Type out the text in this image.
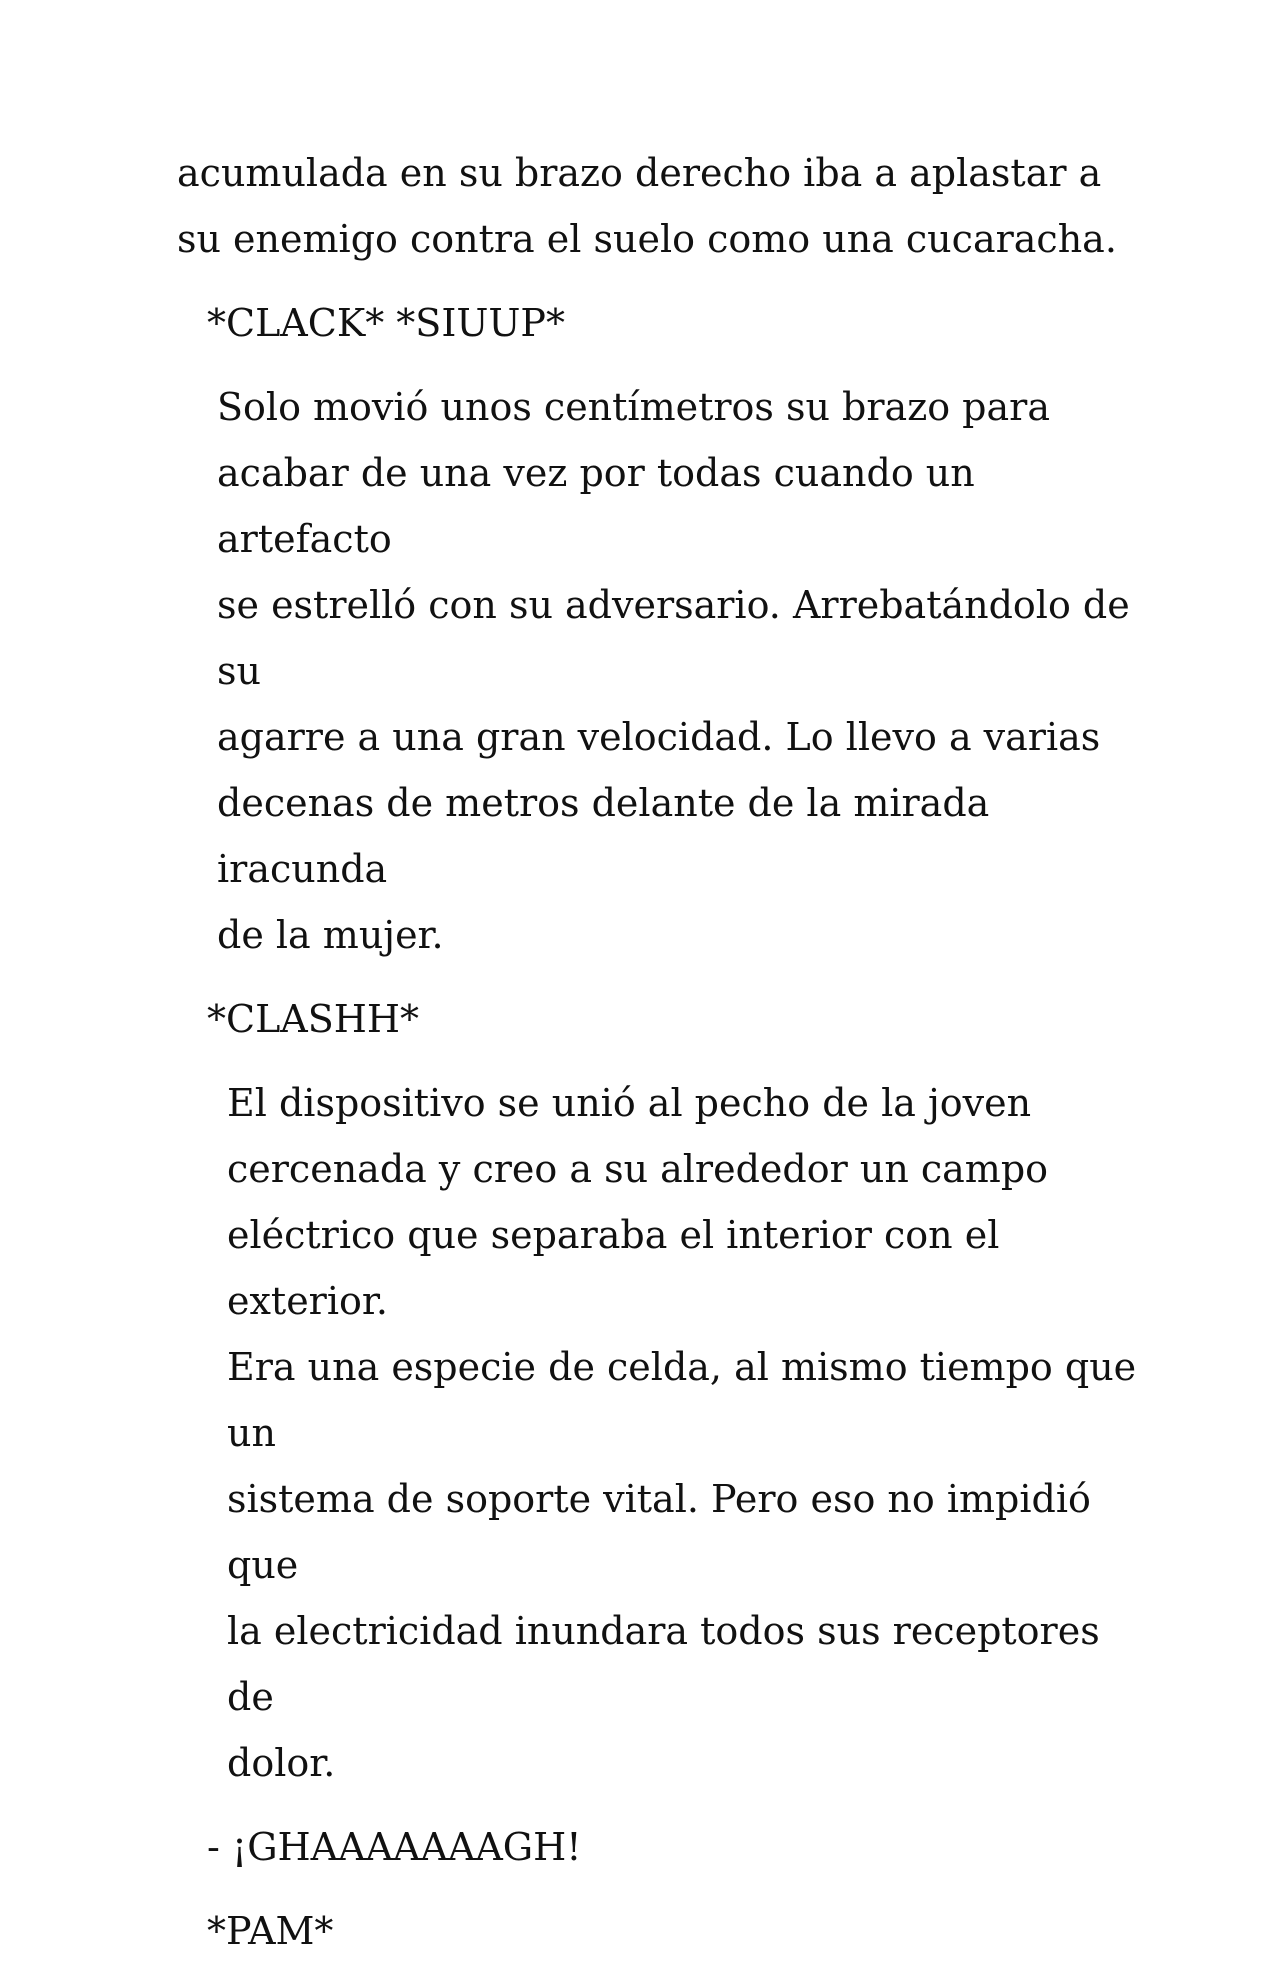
acumulada en su brazo derecho iba a aplastar a
su enemigo contra el suelo como una cucaracha.

*CLACK* *SIUUP*

Solo movió unos centímetros su brazo para
acabar de una vez por todas cuando un artefacto
se estrelló con su adversario. Arrebatándolo de su
agarre a una gran velocidad. Lo llevo a varias
decenas de metros delante de la mirada iracunda
de la mujer.

*CLASHH*

El dispositivo se unió al pecho de la joven
cercenada y creo a su alrededor un campo
eléctrico que separaba el interior con el exterior.
Era una especie de celda, al mismo tiempo que un
sistema de soporte vital. Pero eso no impidió que
la electricidad inundara todos sus receptores de
dolor.

- ¡GHAAAAAAAGH!

*PAM*
